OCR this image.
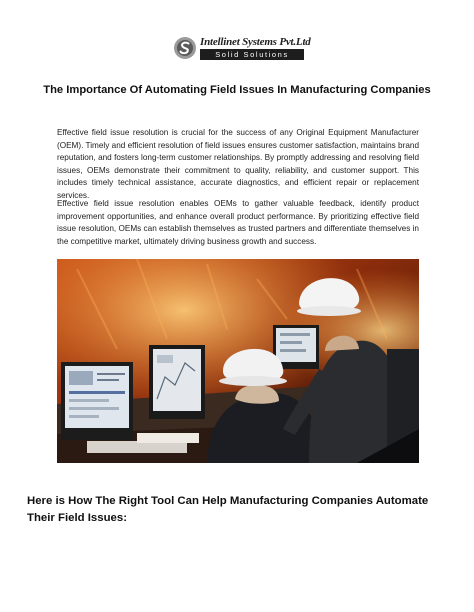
Intellinet Systems Pvt.Ltd
Solid Solutions
The Importance Of Automating Field Issues In Manufacturing Companies

Effective field issue resolution is crucial for the success of any Original Equipment Manufacturer (OEM). Timely and efficient resolution of field issues ensures customer satisfaction, maintains brand reputation, and fosters long-term customer relationships. By promptly addressing and resolving field issues, OEMs demonstrate their commitment to quality, reliability, and customer support. This includes timely technical assistance, accurate diagnostics, and efficient repair or replacement services.

Effective field issue resolution enables OEMs to gather valuable feedback, identify product improvement opportunities, and enhance overall product performance. By prioritizing effective field issue resolution, OEMs can establish themselves as trusted partners and differentiate themselves in the competitive market, ultimately driving business growth and success.

Here is How The Right Tool Can Help Manufacturing Companies Automate Their Field Issues:
